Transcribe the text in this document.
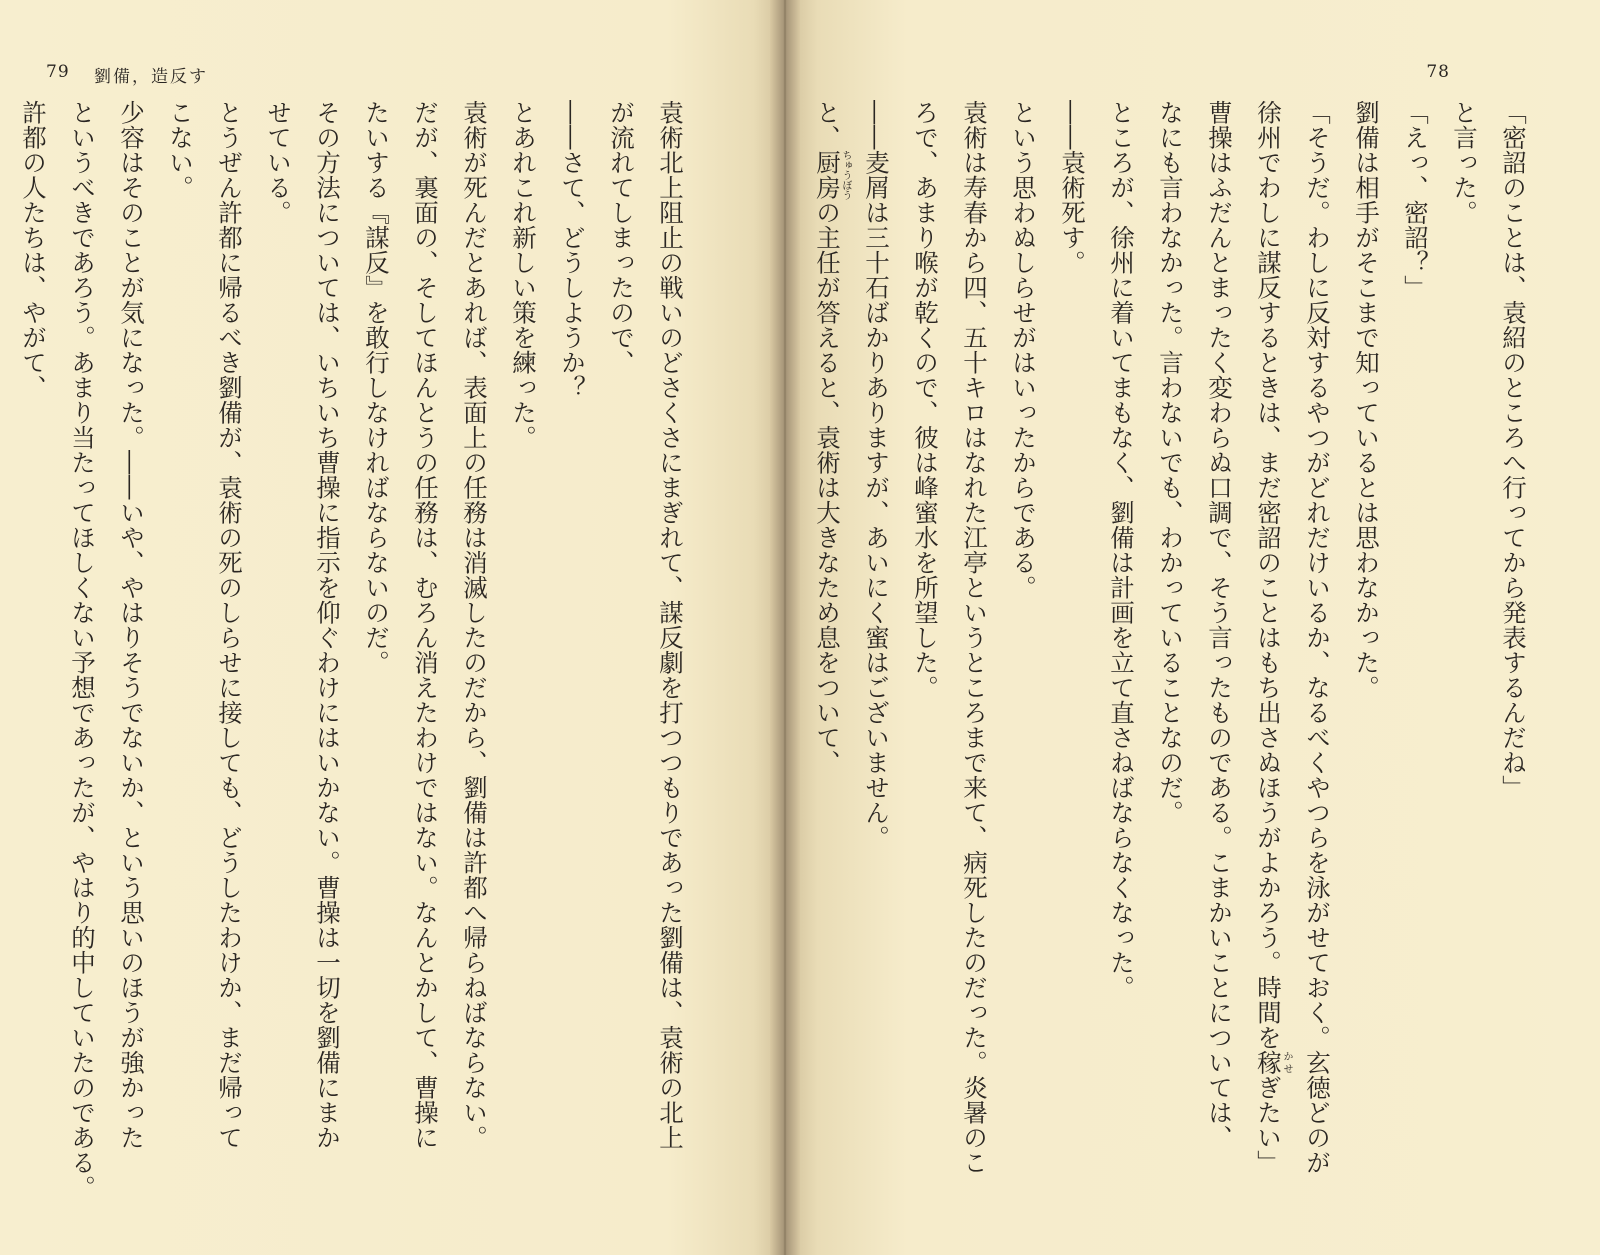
78
「密詔のことは、袁紹のところへ行ってから発表するんだね」
と言った。
「えっ、密詔？」
劉備は相手がそこまで知っているとは思わなかった。
「そうだ。わしに反対するやつがどれだけいるか、なるべくやつらを泳がせておく。玄徳どのが
徐州でわしに謀反するときは、まだ密詔のことはもち出さぬほうがよかろう。時間を稼かせぎたい」
曹操はふだんとまったく変わらぬ口調で、そう言ったものである。こまかいことについては、
なにも言わなかった。言わないでも、わかっていることなのだ。
ところが、徐州に着いてまもなく、劉備は計画を立て直さねばならなくなった。
――袁術死す。
という思わぬしらせがはいったからである。
袁術は寿春から四、五十キロはなれた江亭というところまで来て、病死したのだった。炎暑のこ
ろで、あまり喉が乾くので、彼は峰蜜水を所望した。
――麦屑は三十石ばかりありますが、あいにく蜜はございません。
と、厨房ちゅうぼうの主任が答えると、袁術は大きなため息をついて、
79 劉備，造反す
袁術北上阻止の戦いのどさくさにまぎれて、謀反劇を打つつもりであった劉備は、袁術の北上
が流れてしまったので、
――さて、どうしようか？
とあれこれ新しい策を練った。
袁術が死んだとあれば、表面上の任務は消滅したのだから、劉備は許都へ帰らねばならない。
だが、裏面の、そしてほんとうの任務は、むろん消えたわけではない。なんとかして、曹操に
たいする『謀反』を敢行しなければならないのだ。
その方法については、いちいち曹操に指示を仰ぐわけにはいかない。曹操は一切を劉備にまか
せている。
とうぜん許都に帰るべき劉備が、袁術の死のしらせに接しても、どうしたわけか、まだ帰って
こない。
少容はそのことが気になった。――いや、やはりそうでないか、という思いのほうが強かった
というべきであろう。あまり当たってほしくない予想であったが、やはり的中していたのである。
許都の人たちは、やがて、
